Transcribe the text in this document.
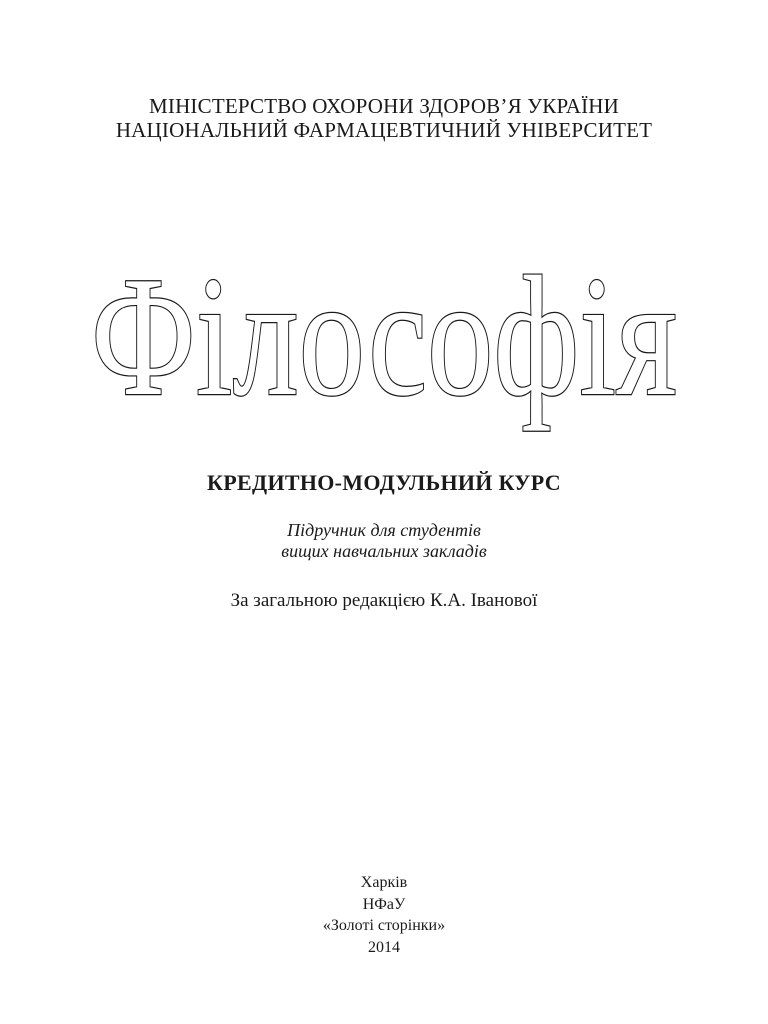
МІНІСТЕРСТВО ОХОРОНИ ЗДОРОВ’Я УКРАЇНИ
НАЦІОНАЛЬНИЙ ФАРМАЦЕВТИЧНИЙ УНІВЕРСИТЕТ
Філософія
КРЕДИТНО-МОДУЛЬНИЙ КУРС
Підручник для студентів
вищих навчальних закладів
За загальною редакцією К.А. Іванової
Харків
НФаУ
«Золоті сторінки»
2014
